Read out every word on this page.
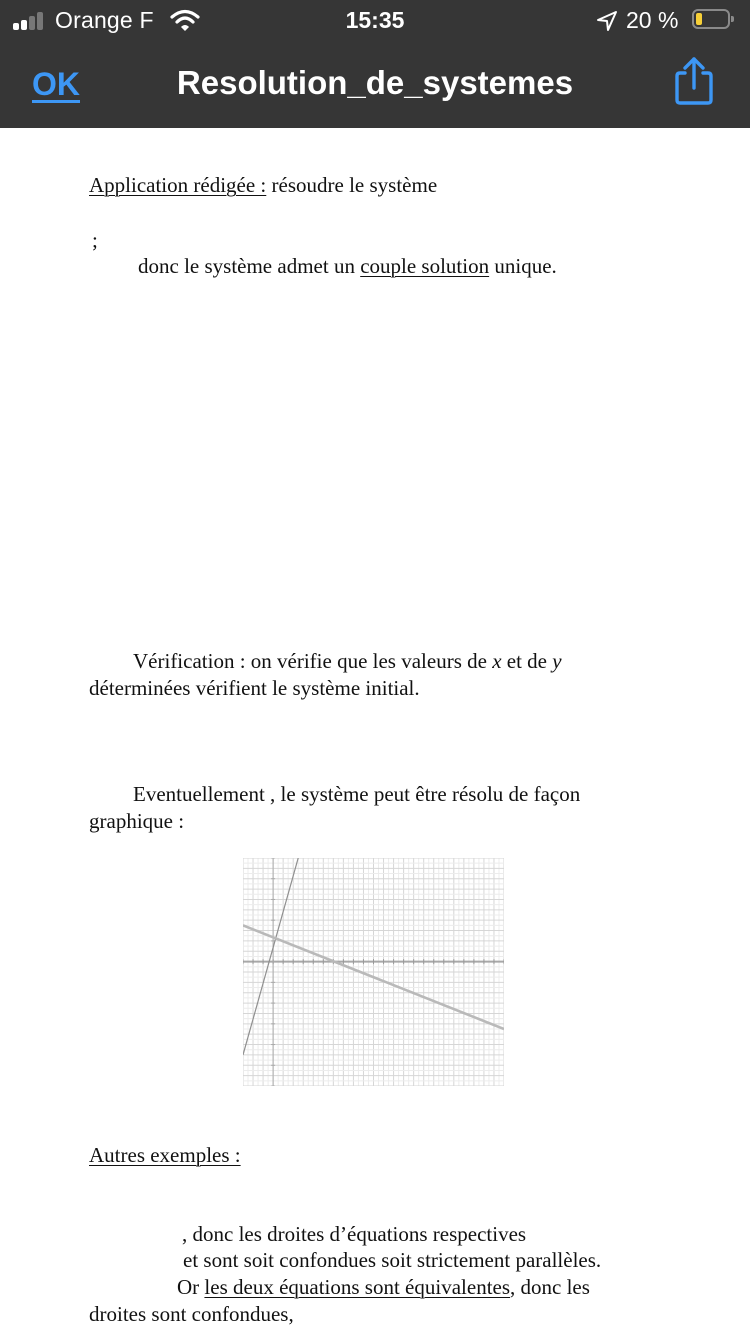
Orange F	15:35	20 %
OK	Resolution_de_systemes
Application rédigée : résoudre le système
;
donc le système admet un couple solution unique.
Vérification : on vérifie que les valeurs de x et de y
déterminées vérifient le système initial.
Eventuellement , le système peut être résolu de façon
graphique :
Autres exemples :
, donc les droites d’équations respectives
et sont soit confondues soit strictement parallèles.
Or les deux équations sont équivalentes, donc les
droites sont confondues,
